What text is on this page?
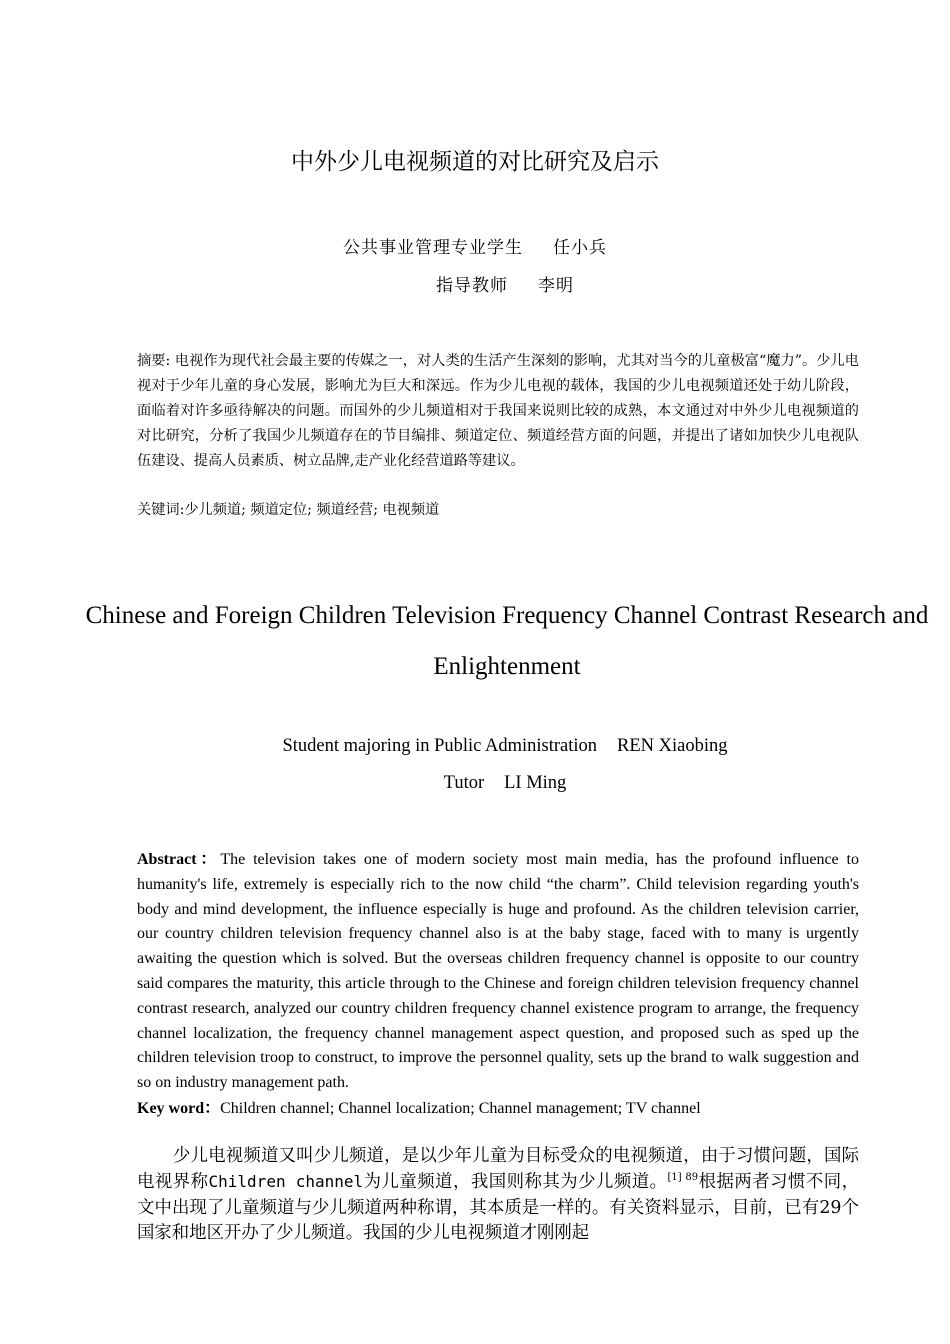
中外少儿电视频道的对比研究及启示

公共事业管理专业学生 任小兵

指导教师 李明

摘要: 电视作为现代社会最主要的传媒之一，对人类的生活产生深刻的影响，尤其对当今的儿童极富“魔力”。少儿电视对于少年儿童的身心发展，影响尤为巨大和深远。作为少儿电视的载体，我国的少儿电视频道还处于幼儿阶段，面临着对许多亟待解决的问题。而国外的少儿频道相对于我国来说则比较的成熟，本文通过对中外少儿电视频道的对比研究，分析了我国少儿频道存在的节目编排、频道定位、频道经营方面的问题，并提出了诸如加快少儿电视队伍建设、提高人员素质、树立品牌,走产业化经营道路等建议。

关键词:少儿频道; 频道定位; 频道经营; 电视频道

Chinese and Foreign Children Television Frequency Channel Contrast Research and Enlightenment

Student majoring in Public Administration REN Xiaobing

Tutor LI Ming

Abstract：The television takes one of modern society most main media, has the profound influence to humanity's life, extremely is especially rich to the now child “the charm”. Child television regarding youth's body and mind development, the influence especially is huge and profound. As the children television carrier, our country children television frequency channel also is at the baby stage, faced with to many is urgently awaiting the question which is solved. But the overseas children frequency channel is opposite to our country said compares the maturity, this article through to the Chinese and foreign children television frequency channel contrast research, analyzed our country children frequency channel existence program to arrange, the frequency channel localization, the frequency channel management aspect question, and proposed such as sped up the children television troop to construct, to improve the personnel quality, sets up the brand to walk suggestion and so on industry management path.

Key word：Children channel; Channel localization; Channel management; TV channel

少儿电视频道又叫少儿频道，是以少年儿童为目标受众的电视频道，由于习惯问题，国际电视界称Children channel为儿童频道，我国则称其为少儿频道。$^{[1] 89}$根据两者习惯不同，文中出现了儿童频道与少儿频道两种称谓，其本质是一样的。有关资料显示，目前，已有29个国家和地区开办了少儿频道。我国的少儿电视频道才刚刚起
